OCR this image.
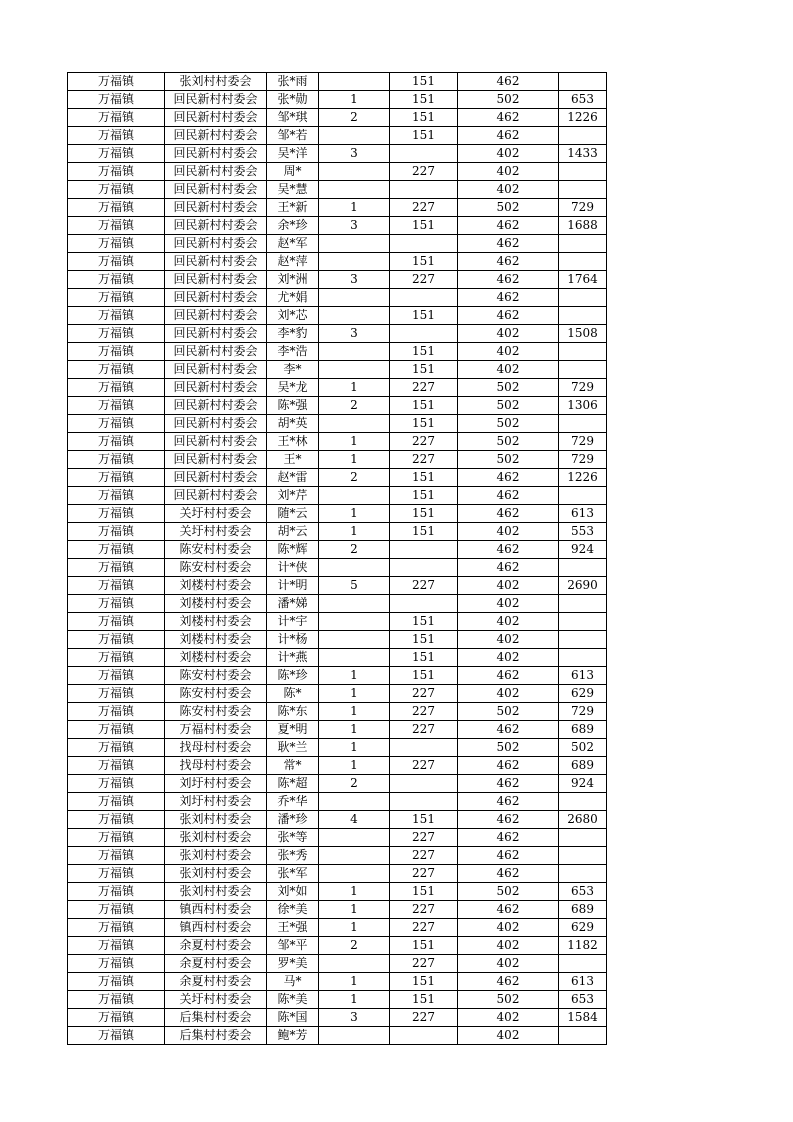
万福镇	张刘村村委会	张*雨		151	462	
万福镇	回民新村村委会	张*勋	1	151	502	653
万福镇	回民新村村委会	邹*琪	2	151	462	1226
万福镇	回民新村村委会	邹*若		151	462	
万福镇	回民新村村委会	吴*洋	3		402	1433
万福镇	回民新村村委会	周*		227	402	
万福镇	回民新村村委会	吴*慧			402	
万福镇	回民新村村委会	王*新	1	227	502	729
万福镇	回民新村村委会	余*珍	3	151	462	1688
万福镇	回民新村村委会	赵*军			462	
万福镇	回民新村村委会	赵*萍		151	462	
万福镇	回民新村村委会	刘*洲	3	227	462	1764
万福镇	回民新村村委会	尤*娟			462	
万福镇	回民新村村委会	刘*芯		151	462	
万福镇	回民新村村委会	李*豹	3		402	1508
万福镇	回民新村村委会	李*浩		151	402	
万福镇	回民新村村委会	李*		151	402	
万福镇	回民新村村委会	吴*龙	1	227	502	729
万福镇	回民新村村委会	陈*强	2	151	502	1306
万福镇	回民新村村委会	胡*英		151	502	
万福镇	回民新村村委会	王*林	1	227	502	729
万福镇	回民新村村委会	王*	1	227	502	729
万福镇	回民新村村委会	赵*雷	2	151	462	1226
万福镇	回民新村村委会	刘*芹		151	462	
万福镇	关圩村村委会	随*云	1	151	462	613
万福镇	关圩村村委会	胡*云	1	151	402	553
万福镇	陈安村村委会	陈*辉	2		462	924
万福镇	陈安村村委会	计*侠			462	
万福镇	刘楼村村委会	计*明	5	227	402	2690
万福镇	刘楼村村委会	潘*娣			402	
万福镇	刘楼村村委会	计*宇		151	402	
万福镇	刘楼村村委会	计*杨		151	402	
万福镇	刘楼村村委会	计*燕		151	402	
万福镇	陈安村村委会	陈*珍	1	151	462	613
万福镇	陈安村村委会	陈*	1	227	402	629
万福镇	陈安村村委会	陈*东	1	227	502	729
万福镇	万福村村委会	夏*明	1	227	462	689
万福镇	找母村村委会	耿*兰	1		502	502
万福镇	找母村村委会	常*	1	227	462	689
万福镇	刘圩村村委会	陈*超	2		462	924
万福镇	刘圩村村委会	乔*华			462	
万福镇	张刘村村委会	潘*珍	4	151	462	2680
万福镇	张刘村村委会	张*等		227	462	
万福镇	张刘村村委会	张*秀		227	462	
万福镇	张刘村村委会	张*军		227	462	
万福镇	张刘村村委会	刘*如	1	151	502	653
万福镇	镇西村村委会	徐*美	1	227	462	689
万福镇	镇西村村委会	王*强	1	227	402	629
万福镇	余夏村村委会	邹*平	2	151	402	1182
万福镇	余夏村村委会	罗*美		227	402	
万福镇	余夏村村委会	马*	1	151	462	613
万福镇	关圩村村委会	陈*美	1	151	502	653
万福镇	后集村村委会	陈*国	3	227	402	1584
万福镇	后集村村委会	鲍*芳			402	
